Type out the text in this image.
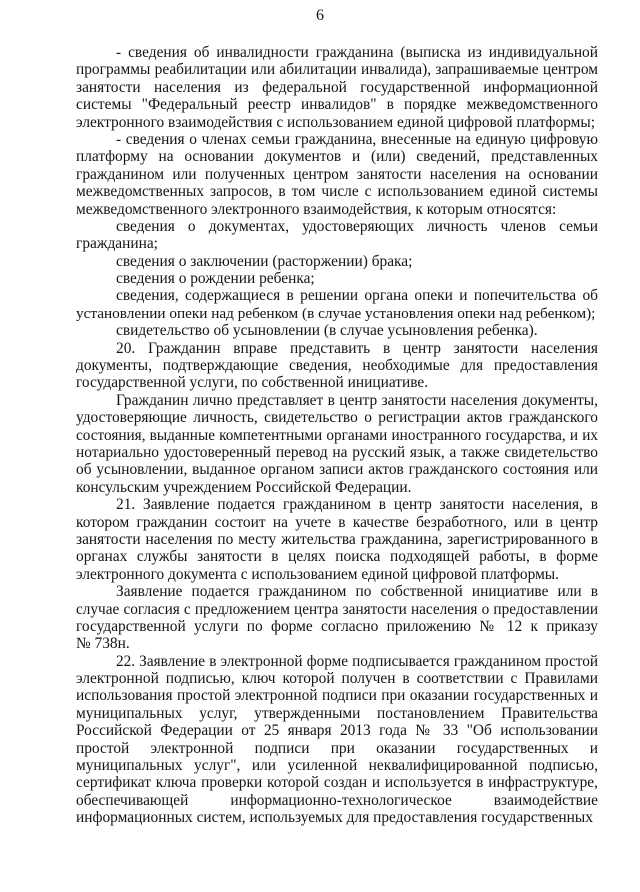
6
- сведения об инвалидности гражданина (выписка из индивидуальной
программы реабилитации или абилитации инвалида), запрашиваемые центром
занятости населения из федеральной государственной информационной
системы "Федеральный реестр инвалидов" в порядке межведомственного
электронного взаимодействия с использованием единой цифровой платформы;
- сведения о членах семьи гражданина, внесенные на единую цифровую
платформу на основании документов и (или) сведений, представленных
гражданином или полученных центром занятости населения на основании
межведомственных запросов, в том числе с использованием единой системы
межведомственного электронного взаимодействия, к которым относятся:
сведения о документах, удостоверяющих личность членов семьи
гражданина;
сведения о заключении (расторжении) брака;
сведения о рождении ребенка;
сведения, содержащиеся в решении органа опеки и попечительства об
установлении опеки над ребенком (в случае установления опеки над ребенком);
свидетельство об усыновлении (в случае усыновления ребенка).
20. Гражданин вправе представить в центр занятости населения
документы, подтверждающие сведения, необходимые для предоставления
государственной услуги, по собственной инициативе.
Гражданин лично представляет в центр занятости населения документы,
удостоверяющие личность, свидетельство о регистрации актов гражданского
состояния, выданные компетентными органами иностранного государства, и их
нотариально удостоверенный перевод на русский язык, а также свидетельство
об усыновлении, выданное органом записи актов гражданского состояния или
консульским учреждением Российской Федерации.
21. Заявление подается гражданином в центр занятости населения, в
котором гражданин состоит на учете в качестве безработного, или в центр
занятости населения по месту жительства гражданина, зарегистрированного в
органах службы занятости в целях поиска подходящей работы, в форме
электронного документа с использованием единой цифровой платформы.
Заявление подается гражданином по собственной инициативе или в
случае согласия с предложением центра занятости населения о предоставлении
государственной услуги по форме согласно приложению № 12 к приказу
№ 738н.
22. Заявление в электронной форме подписывается гражданином простой
электронной подписью, ключ которой получен в соответствии с Правилами
использования простой электронной подписи при оказании государственных и
муниципальных услуг, утвержденными постановлением Правительства
Российской Федерации от 25 января 2013 года № 33 "Об использовании
простой электронной подписи при оказании государственных и
муниципальных услуг", или усиленной неквалифицированной подписью,
сертификат ключа проверки которой создан и используется в инфраструктуре,
обеспечивающей информационно-технологическое взаимодействие
информационных систем, используемых для предоставления государственных
